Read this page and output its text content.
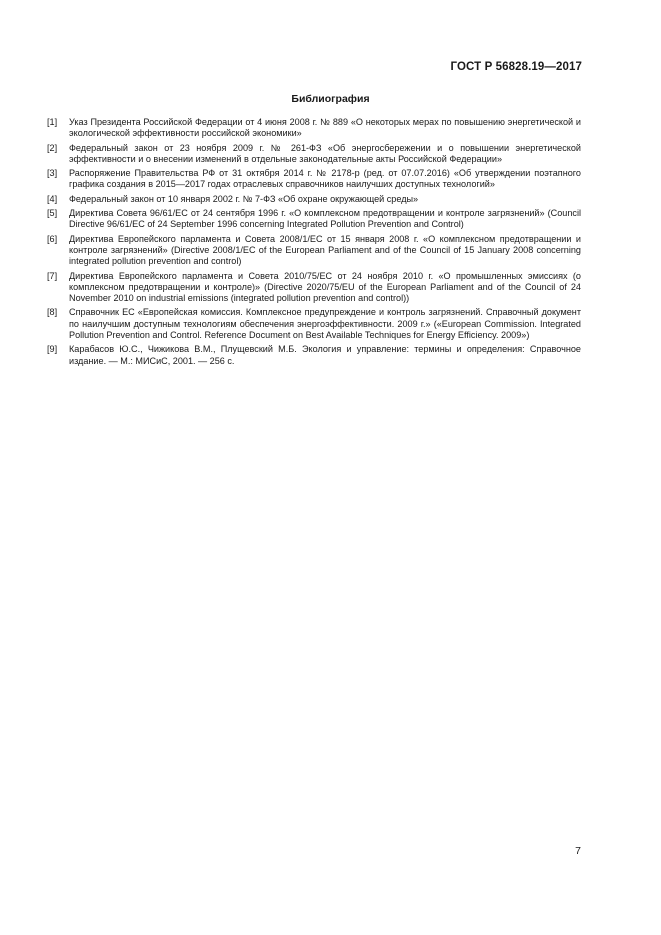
ГОСТ Р 56828.19—2017
Библиография
[1] Указ Президента Российской Федерации от 4 июня 2008 г. № 889 «О некоторых мерах по повышению энергетической и экологической эффективности российской экономики»
[2] Федеральный закон от 23 ноября 2009 г. № 261-ФЗ «Об энергосбережении и о повышении энергетической эффективности и о внесении изменений в отдельные законодательные акты Российской Федерации»
[3] Распоряжение Правительства РФ от 31 октября 2014 г. № 2178-р (ред. от 07.07.2016) «Об утверждении поэтапного графика создания в 2015—2017 годах отраслевых справочников наилучших доступных технологий»
[4] Федеральный закон от 10 января 2002 г. № 7-ФЗ «Об охране окружающей среды»
[5] Директива Совета 96/61/ЕС от 24 сентября 1996 г. «О комплексном предотвращении и контроле загрязнений» (Council Directive 96/61/EC of 24 September 1996 concerning Integrated Pollution Prevention and Control)
[6] Директива Европейского парламента и Совета 2008/1/ЕС от 15 января 2008 г. «О комплексном предотвращении и контроле загрязнений» (Directive 2008/1/EC of the European Parliament and of the Council of 15 January 2008 concerning integrated pollution prevention and control)
[7] Директива Европейского парламента и Совета 2010/75/ЕС от 24 ноября 2010 г. «О промышленных эмиссиях (о комплексном предотвращении и контроле)» (Directive 2020/75/EU of the European Parliament and of the Council of 24 November 2010 on industrial emissions (integrated pollution prevention and control))
[8] Справочник ЕС «Европейская комиссия. Комплексное предупреждение и контроль загрязнений. Справочный документ по наилучшим доступным технологиям обеспечения энергоэффективности. 2009 г.» («European Commission. Integrated Pollution Prevention and Control. Reference Document on Best Available Techniques for Energy Efficiency. 2009»)
[9] Карабасов Ю.С., Чижикова В.М., Плущевский М.Б. Экология и управление: термины и определения: Справочное издание. — М.: МИСиС, 2001. — 256 с.
7
